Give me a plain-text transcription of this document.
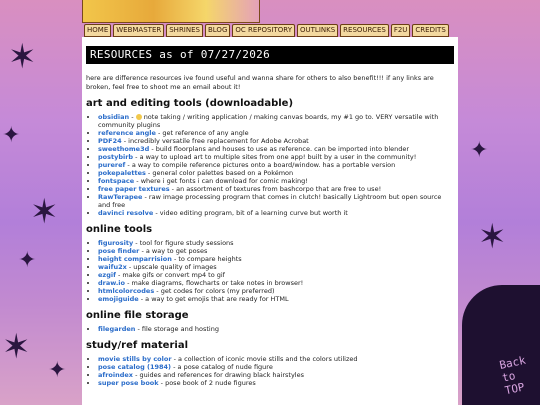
✶
✦
✶
✦
✶
✦
✦
✶
Back
to
TOP
HOME	WEBMASTER	SHRINES	BLOG	OC REPOSITORY	OUTLINKS	RESOURCES	F2U	CREDITS
RESOURCES as of 07/27/2026

here are difference resources ive found useful and wanna share for others to also benefit!!! if any links are broken, feel free to shoot me an email about it!

art and editing tools (downloadable)
• obsidian -  note taking / writing application / making canvas boards, my #1 go to. VERY versatile with community plugins
• reference angle - get reference of any angle
• PDF24 - incredibly versatile free replacement for Adobe Acrobat
• sweethome3d - build floorplans and houses to use as reference. can be imported into blender
• postybirb - a way to upload art to multiple sites from one app! built by a user in the community!
• pureref - a way to compile reference pictures onto a board/window. has a portable version
• pokepalettes - general color palettes based on a Pokémon
• fontspace - where i get fonts i can download for comic making!
• free paper textures - an assortment of textures from bashcorpo that are free to use!
• RawTerapee - raw image processing program that comes in clutch! basically Lightroom but open source and free
• davinci resolve - video editing program, bit of a learning curve but worth it
online tools
• figurosity - tool for figure study sessions
• pose finder - a way to get poses
• height comparrision - to compare heights
• waifu2x - upscale quality of images
• ezgif - make gifs or convert mp4 to gif
• draw.io - make diagrams, flowcharts or take notes in browser!
• htmlcolorcodes - get codes for colors (my preferred)
• emojiguide - a way to get emojis that are ready for HTML
online file storage
• filegarden - file storage and hosting
study/ref material
• movie stills by color - a collection of iconic movie stills and the colors utilized
• pose catalog (1984) - a pose catalog of nude figure
• afroindex - guides and references for drawing black hairstyles
• super pose book - pose book of 2 nude figures
